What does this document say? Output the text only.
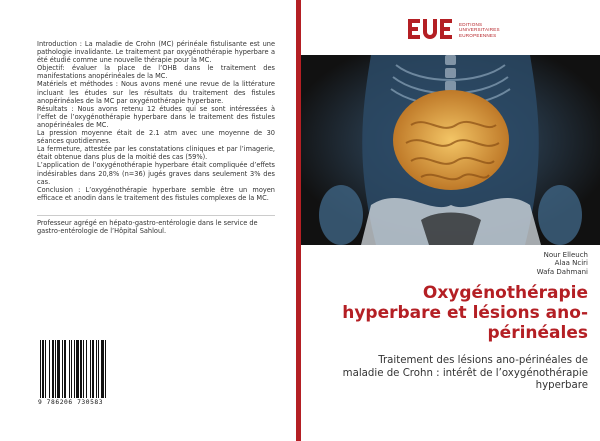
Introduction : La maladie de Crohn (MC) périnéale fistulisante est une pathologie invalidante. Le traitement par oxygénothérapie hyperbare a été étudié comme une nouvelle thérapie pour la MC.
Objectif: évaluer la place de l’OHB dans le traitement des manifestations anopérinéales de la MC.
Matériels et méthodes : Nous avons mené une revue de la littérature incluant les études sur les résultats du traitement des fistules anopérinéales de la MC par oxygénothérapie hyperbare.
Résultats : Nous avons retenu 12 études qui se sont intéressées à l’effet de l’oxygénothérapie hyperbare dans le traitement des fistules anopérinéales de MC.
La pression moyenne était de 2.1 atm avec une moyenne de 30 séances quotidiennes.
La fermeture, attestée par les constatations cliniques et par l’imagerie, était obtenue dans plus de la moitié des cas (59%).
L’application de l’oxygénothérapie hyperbare était compliquée d’effets indésirables dans 20,8% (n=36) jugés graves dans seulement 3% des cas.
Conclusion : L’oxygénothérapie hyperbare semble être un moyen efficace et anodin dans le traitement des fistules complexes de la MC.
Professeur agrégé en hépato-gastro-entérologie dans le service de gastro-entérologie de l’Hôpital Sahloul.
9 786206 730583
EDITIONS
UNIVERSITAIRES
EUROPEENNES
Nour Elleuch
Alaa Nciri
Wafa Dahmani
Oxygénothérapie hyperbare et lésions ano-périnéales
Traitement des lésions ano-périnéales de maladie de Crohn : intérêt de l’oxygénothérapie hyperbare
